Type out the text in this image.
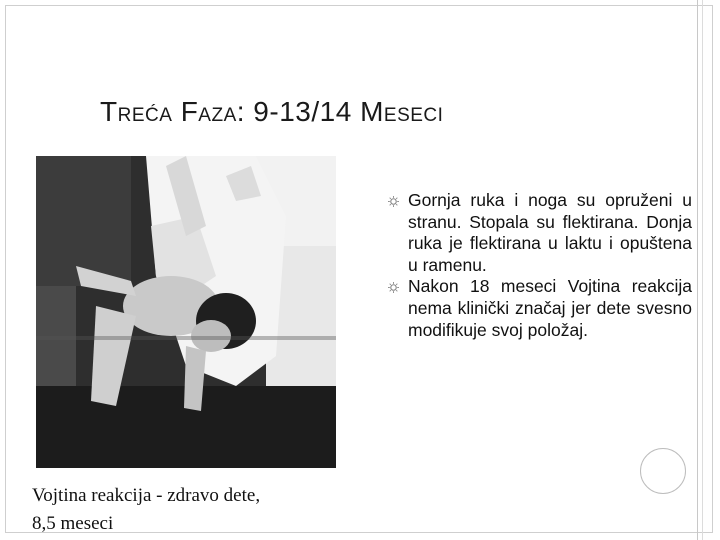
TREĆA FAZA: 9-13/14 MESECI
Gornja ruka i noga su opruženi u stranu. Stopala su flektirana. Donja ruka je flektirana u laktu i opuštena u ramenu.
Nakon 18 meseci Vojtina reakcija nema klinički značaj jer dete svesno modifikuje svoj položaj.
Vojtina reakcija - zdravo dete,
8,5 meseci
